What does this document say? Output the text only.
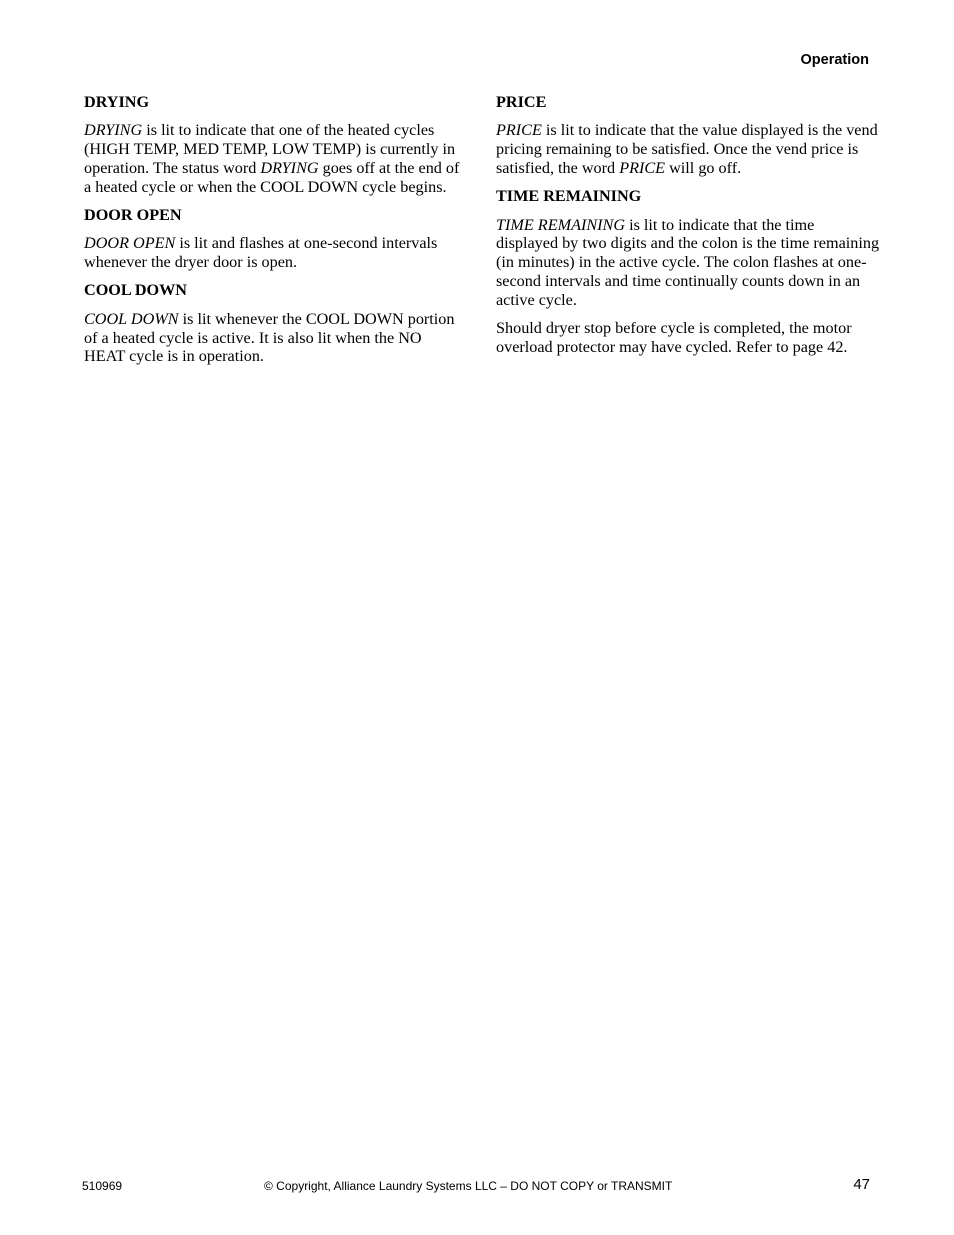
Operation
DRYING
DRYING is lit to indicate that one of the heated cycles (HIGH TEMP, MED TEMP, LOW TEMP) is currently in operation. The status word DRYING goes off at the end of a heated cycle or when the COOL DOWN cycle begins.
DOOR OPEN
DOOR OPEN is lit and flashes at one-second intervals whenever the dryer door is open.
COOL DOWN
COOL DOWN is lit whenever the COOL DOWN portion of a heated cycle is active. It is also lit when the NO HEAT cycle is in operation.
PRICE
PRICE is lit to indicate that the value displayed is the vend pricing remaining to be satisfied. Once the vend price is satisfied, the word PRICE will go off.
TIME REMAINING
TIME REMAINING is lit to indicate that the time displayed by two digits and the colon is the time remaining (in minutes) in the active cycle. The colon flashes at one-second intervals and time continually counts down in an active cycle.
Should dryer stop before cycle is completed, the motor overload protector may have cycled. Refer to page 42.
510969	© Copyright, Alliance Laundry Systems LLC – DO NOT COPY or TRANSMIT	47
